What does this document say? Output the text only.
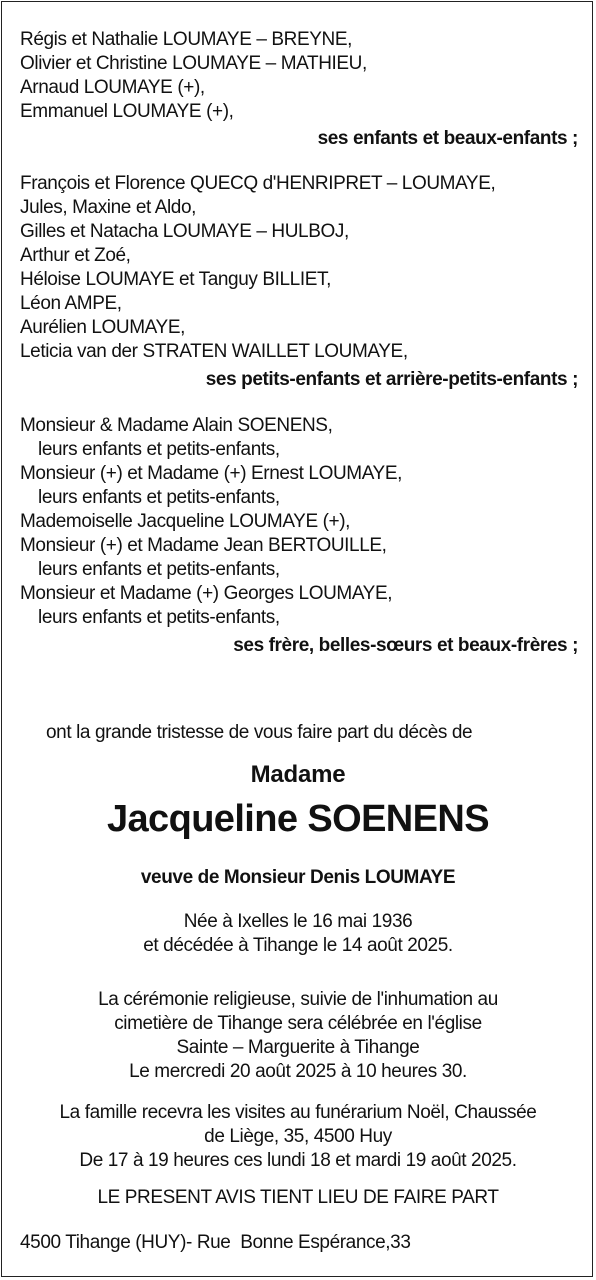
Régis et Nathalie LOUMAYE – BREYNE,
Olivier et Christine LOUMAYE – MATHIEU,
Arnaud LOUMAYE (+),
Emmanuel LOUMAYE (+),
ses enfants et beaux-enfants ;
François et Florence QUECQ d'HENRIPRET – LOUMAYE,
Jules, Maxine et Aldo,
Gilles et Natacha LOUMAYE – HULBOJ,
Arthur et Zoé,
Héloise LOUMAYE et Tanguy BILLIET,
Léon AMPE,
Aurélien LOUMAYE,
Leticia van der STRATEN WAILLET LOUMAYE,
ses petits-enfants et arrière-petits-enfants ;
Monsieur & Madame Alain SOENENS,
leurs enfants et petits-enfants,
Monsieur (+) et Madame (+) Ernest LOUMAYE,
leurs enfants et petits-enfants,
Mademoiselle Jacqueline LOUMAYE (+),
Monsieur (+) et Madame Jean BERTOUILLE,
leurs enfants et petits-enfants,
Monsieur et Madame (+) Georges LOUMAYE,
leurs enfants et petits-enfants,
ses frère, belles-sœurs et beaux-frères ;
ont la grande tristesse de vous faire part du décès de
Madame
Jacqueline SOENENS
veuve de Monsieur Denis LOUMAYE
Née à Ixelles le 16 mai 1936
et décédée à Tihange le 14 août 2025.
La cérémonie religieuse, suivie de l'inhumation au
cimetière de Tihange sera célébrée en l'église
Sainte – Marguerite à Tihange
Le mercredi 20 août 2025 à 10 heures 30.
La famille recevra les visites au funérarium Noël, Chaussée
de Liège, 35, 4500 Huy
De 17 à 19 heures ces lundi 18 et mardi 19 août 2025.
LE PRESENT AVIS TIENT LIEU DE FAIRE PART
4500 Tihange (HUY)- Rue  Bonne Espérance,33
